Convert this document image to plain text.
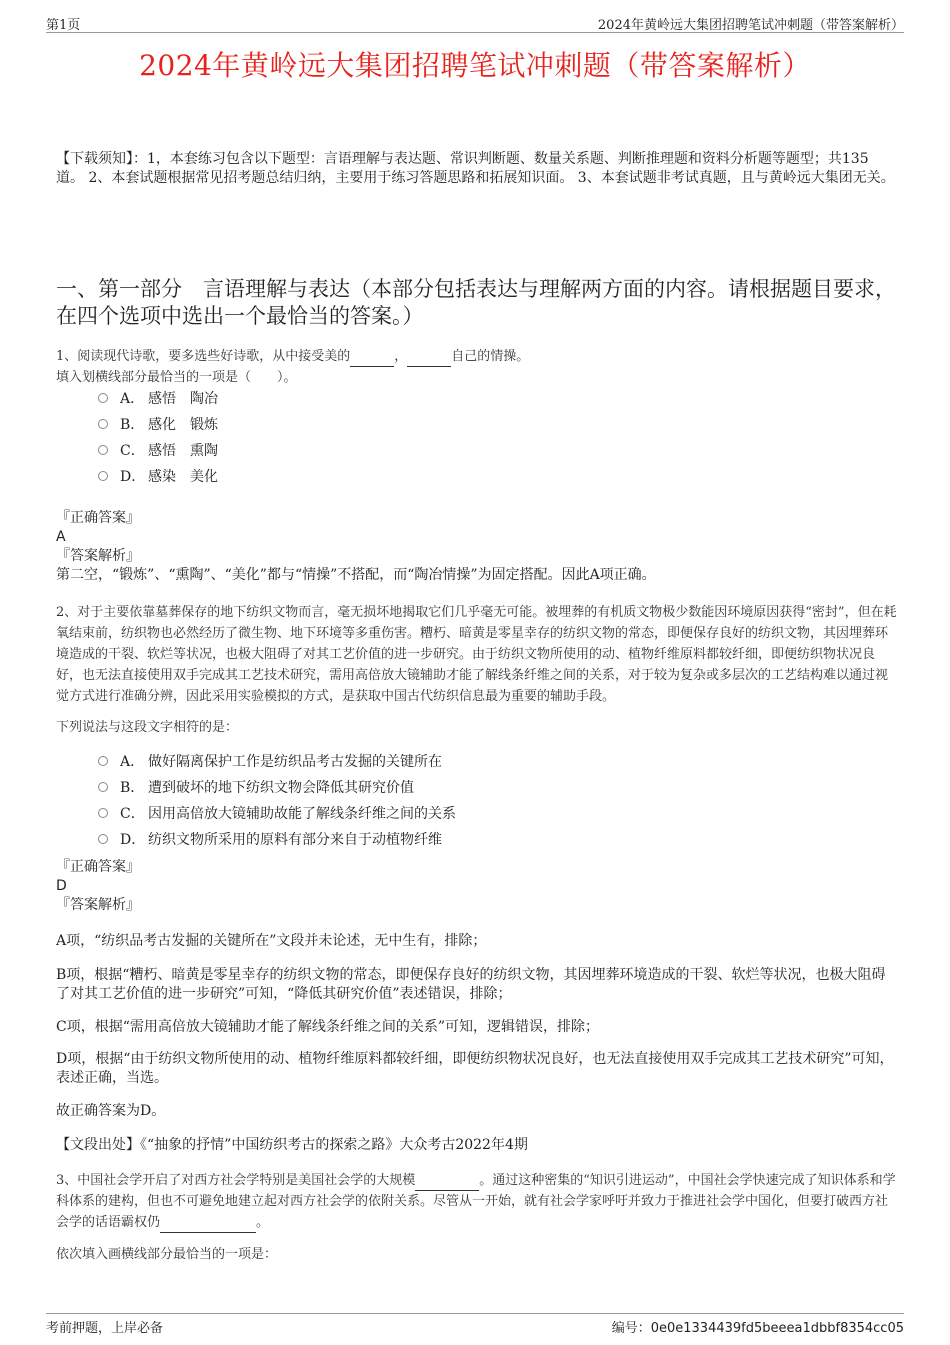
第1页	2024年黄岭远大集团招聘笔试冲刺题（带答案解析）
2024年黄岭远大集团招聘笔试冲刺题（带答案解析）
【下载须知】：1，本套练习包含以下题型：言语理解与表达题、常识判断题、数量关系题、判断推理题和资料分析题等题型；共135道。 2、本套试题根据常见招考题总结归纳，主要用于练习答题思路和拓展知识面。 3、本套试题非考试真题，且与黄岭远大集团无关。
一、第一部分　言语理解与表达（本部分包括表达与理解两方面的内容。请根据题目要求，在四个选项中选出一个最恰当的答案。）
1、阅读现代诗歌，要多选些好诗歌，从中接受美的	，	自己的情操。
填入划横线部分最恰当的一项是（　　）。
A． 感悟　陶冶
B． 感化　锻炼
C． 感悟　熏陶
D． 感染　美化

『正确答案』

A

『答案解析』

第二空，“锻炼”、“熏陶”、“美化”都与“情操”不搭配，而“陶冶情操”为固定搭配。因此A项正确。

2、对于主要依靠墓葬保存的地下纺织文物而言，毫无损坏地揭取它们几乎毫无可能。被埋葬的有机质文物极少数能因环境原因获得“密封”，但在耗氧结束前，纺织物也必然经历了微生物、地下环境等多重伤害。糟朽、暗黄是零星幸存的纺织文物的常态，即便保存良好的纺织文物，其因埋葬环境造成的干裂、软烂等状况，也极大阻碍了对其工艺价值的进一步研究。由于纺织文物所使用的动、植物纤维原料都较纤细，即便纺织物状况良好，也无法直接使用双手完成其工艺技术研究，需用高倍放大镜辅助才能了解线条纤维之间的关系，对于较为复杂或多层次的工艺结构难以通过视觉方式进行准确分辨，因此采用实验模拟的方式，是获取中国古代纺织信息最为重要的辅助手段。
下列说法与这段文字相符的是：
A． 做好隔离保护工作是纺织品考古发掘的关键所在
B． 遭到破坏的地下纺织文物会降低其研究价值
C． 因用高倍放大镜辅助故能了解线条纤维之间的关系
D． 纺织文物所采用的原料有部分来自于动植物纤维

『正确答案』

D

『答案解析』

A项，“纺织品考古发掘的关键所在”文段并未论述，无中生有，排除；
B项，根据“糟朽、暗黄是零星幸存的纺织文物的常态，即便保存良好的纺织文物，其因埋葬环境造成的干裂、软烂等状况，也极大阻碍了对其工艺价值的进一步研究”可知，“降低其研究价值”表述错误，排除；
C项，根据“需用高倍放大镜辅助才能了解线条纤维之间的关系”可知，逻辑错误，排除；
D项，根据“由于纺织文物所使用的动、植物纤维原料都较纤细，即便纺织物状况良好，也无法直接使用双手完成其工艺技术研究”可知，表述正确，当选。
故正确答案为D。
【文段出处】《“抽象的抒情”中国纺织考古的探索之路》大众考古2022年4期
3、中国社会学开启了对西方社会学特别是美国社会学的大规模	。通过这种密集的“知识引进运动”，中国社会学快速完成了知识体系和学科体系的建构，但也不可避免地建立起对西方社会学的依附关系。尽管从一开始，就有社会学家呼吁并致力于推进社会学中国化，但要打破西方社会学的话语霸权仍	。
依次填入画横线部分最恰当的一项是：
考前押题，上岸必备	编号：0e0e1334439fd5beeea1dbbf8354cc05
